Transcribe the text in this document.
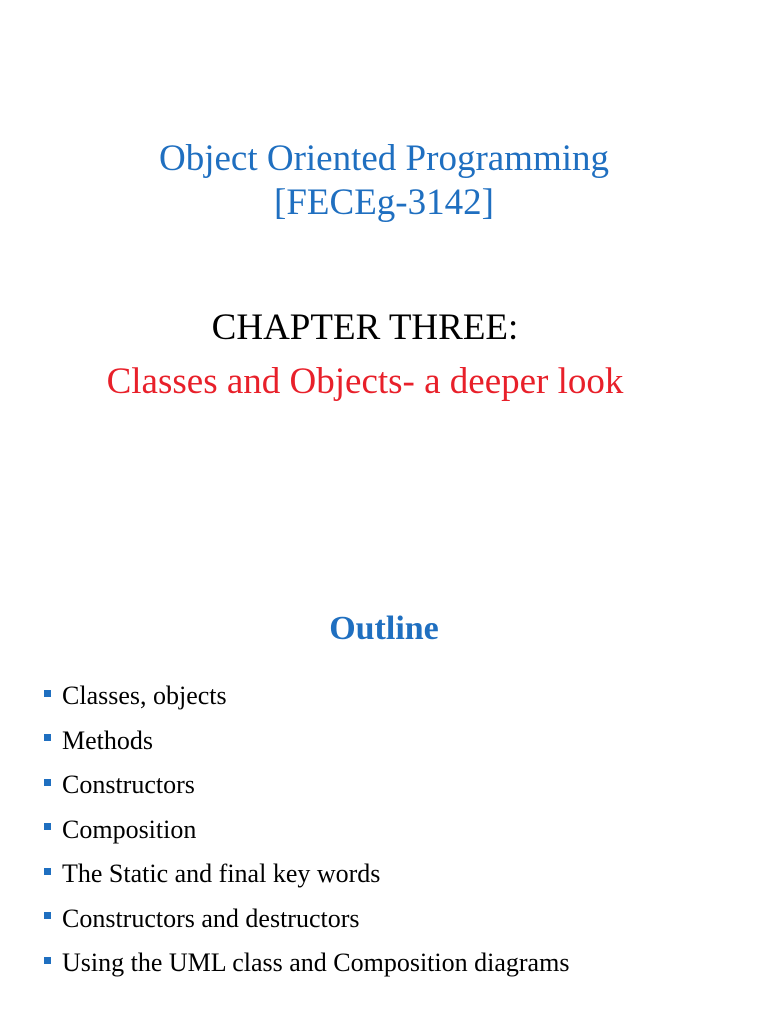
Object Oriented Programming
[FECEg-3142]
CHAPTER THREE:
Classes and Objects- a deeper look
Outline
Classes, objects
Methods
Constructors
Composition
The Static and final key words
Constructors and destructors
Using the UML class and Composition diagrams
